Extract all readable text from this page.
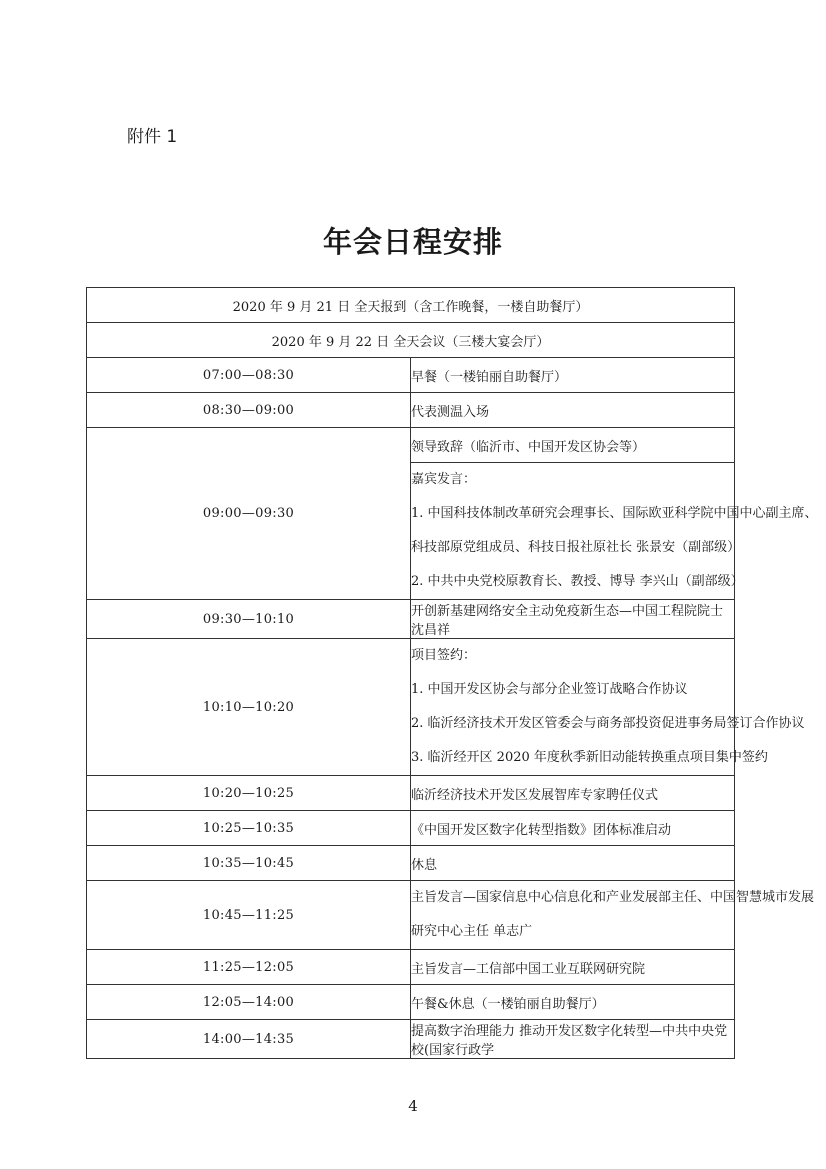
附件 1
年会日程安排
2020 年 9 月 21 日 全天报到（含工作晚餐，一楼自助餐厅）	
2020 年 9 月 22 日 全天会议（三楼大宴会厅）	
07:00—08:30	早餐（一楼铂丽自助餐厅）
08:30—09:00	代表测温入场
09:00—09:30	领导致辞（临沂市、中国开发区协会等）

	嘉宾发言：
1. 中国科技体制改革研究会理事长、国际欧亚科学院中国中心副主席、
科技部原党组成员、科技日报社原社长 张景安（副部级）
2. 中共中央党校原教育长、教授、博导 李兴山（副部级）

09:30—10:10	开创新基建网络安全主动免疫新生态—中国工程院院士 沈昌祥
10:10—10:20	项目签约：
1. 中国开发区协会与部分企业签订战略合作协议
2. 临沂经济技术开发区管委会与商务部投资促进事务局签订合作协议
3. 临沂经开区 2020 年度秋季新旧动能转换重点项目集中签约

10:20—10:25	临沂经济技术开发区发展智库专家聘任仪式
10:25—10:35	《中国开发区数字化转型指数》团体标准启动
10:35—10:45	休息
10:45—11:25	主旨发言—国家信息中心信息化和产业发展部主任、中国智慧城市发展
研究中心主任 单志广

11:25—12:05	主旨发言—工信部中国工业互联网研究院
12:05—14:00	午餐&休息（一楼铂丽自助餐厅）
14:00—14:35	提高数字治理能力 推动开发区数字化转型—中共中央党校(国家行政学
4
